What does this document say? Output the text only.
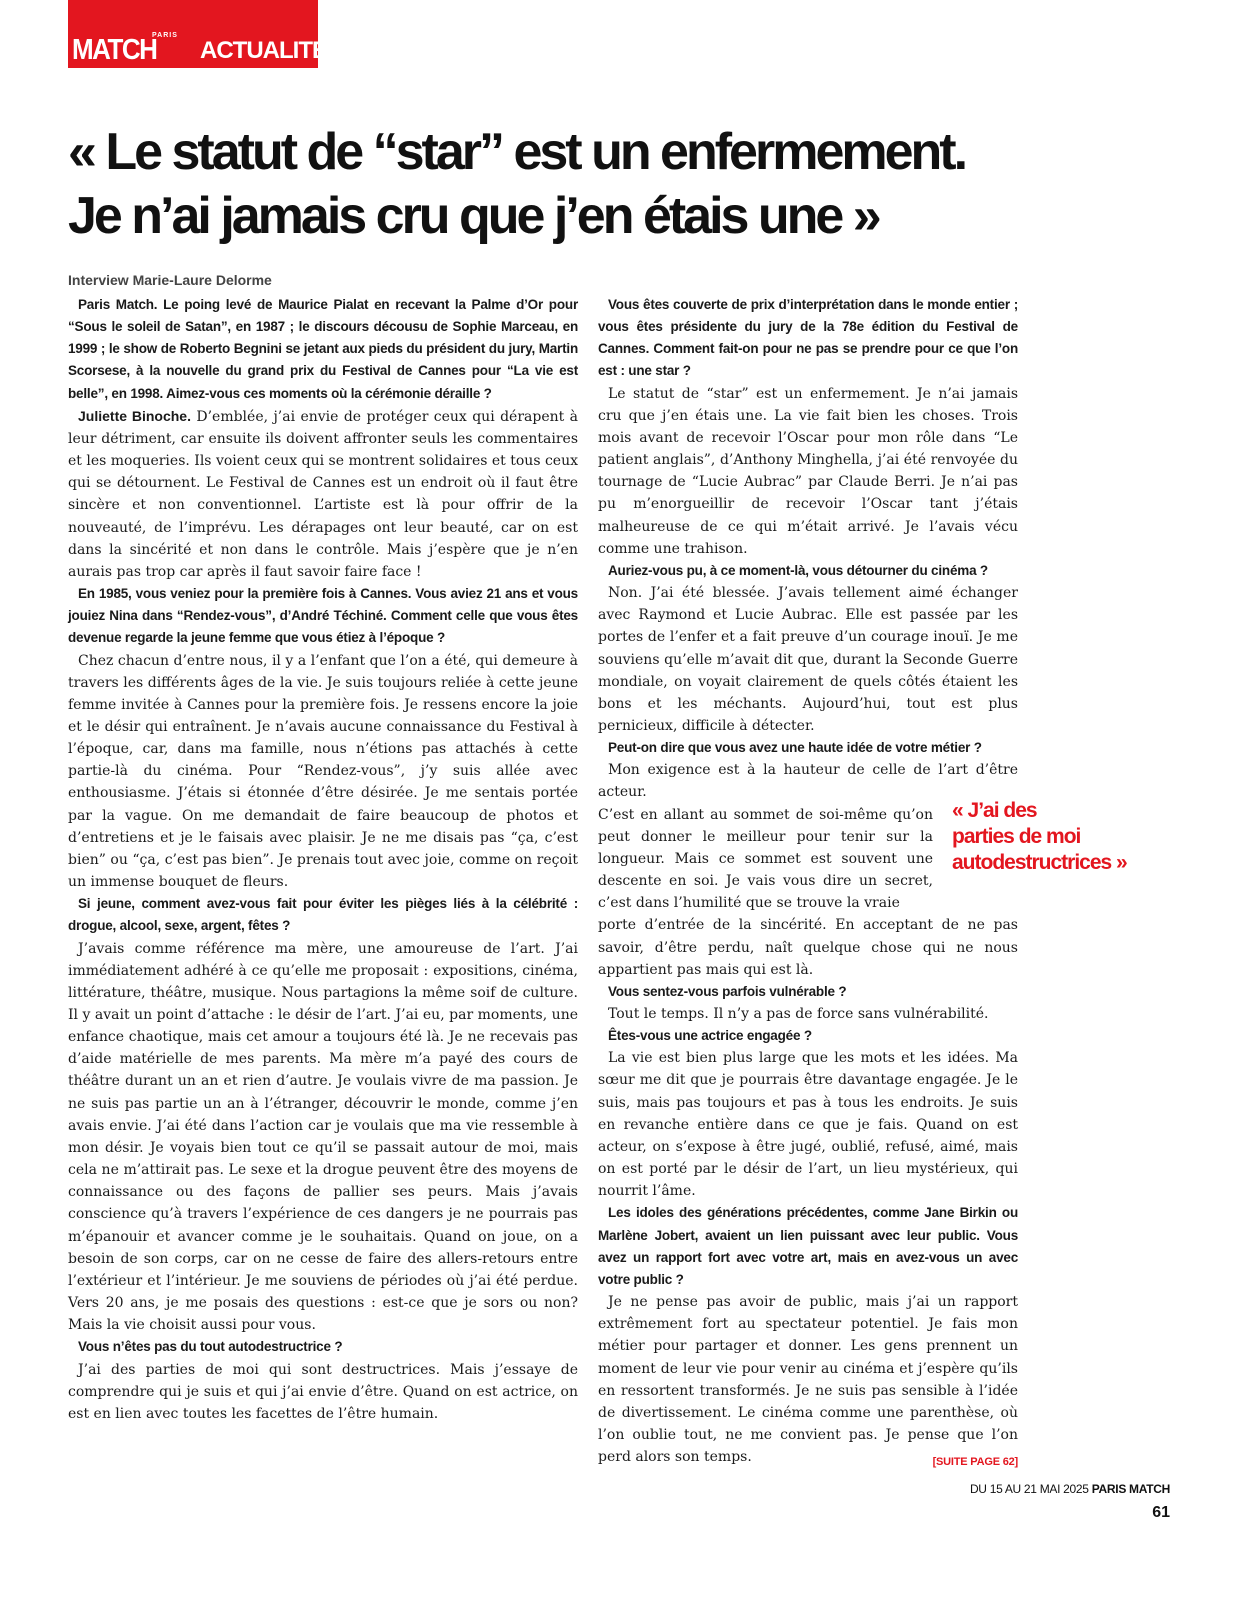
PARIS
MATCH ACTUALITÉ
« Le statut de “star” est un enfermement.
Je n’ai jamais cru que j’en étais une »
Interview Marie-Laure Delorme

Paris Match. Le poing levé de Maurice Pialat en recevant la Palme d’Or pour “Sous le soleil de Satan”, en 1987 ; le discours décousu de Sophie Marceau, en 1999 ; le show de Roberto Begnini se jetant aux pieds du président du jury, Martin Scorsese, à la nouvelle du grand prix du Festival de Cannes pour “La vie est belle”, en 1998. Aimez-vous ces moments où la cérémonie déraille ?

Juliette Binoche. D’emblée, j’ai envie de protéger ceux qui dérapent à leur détriment, car ensuite ils doivent affronter seuls les commentaires et les moqueries. Ils voient ceux qui se montrent solidaires et tous ceux qui se détournent. Le Festival de Cannes est un endroit où il faut être sincère et non conventionnel. L’artiste est là pour offrir de la nouveauté, de l’imprévu. Les dérapages ont leur beauté, car on est dans la sincérité et non dans le contrôle. Mais j’espère que je n’en aurais pas trop car après il faut savoir faire face !

En 1985, vous veniez pour la première fois à Cannes. Vous aviez 21 ans et vous jouiez Nina dans “Rendez-vous”, d’André Téchiné. Comment celle que vous êtes devenue regarde la jeune femme que vous étiez à l’époque ?

Chez chacun d’entre nous, il y a l’enfant que l’on a été, qui demeure à travers les différents âges de la vie. Je suis toujours reliée à cette jeune femme invitée à Cannes pour la première fois. Je ressens encore la joie et le désir qui entraînent. Je n’avais aucune connaissance du Festival à l’époque, car, dans ma famille, nous n’étions pas attachés à cette partie-là du cinéma. Pour “Rendez-vous”, j’y suis allée avec enthousiasme. J’étais si étonnée d’être désirée. Je me sentais portée par la vague. On me demandait de faire beaucoup de photos et d’entretiens et je le faisais avec plaisir. Je ne me disais pas “ça, c’est bien” ou “ça, c’est pas bien”. Je prenais tout avec joie, comme on reçoit un immense bouquet de fleurs.

Si jeune, comment avez-vous fait pour éviter les pièges liés à la célébrité : drogue, alcool, sexe, argent, fêtes ?

J’avais comme référence ma mère, une amoureuse de l’art. J’ai immédiatement adhéré à ce qu’elle me proposait : expositions, cinéma, littérature, théâtre, musique. Nous partagions la même soif de culture. Il y avait un point d’attache : le désir de l’art. J’ai eu, par moments, une enfance chaotique, mais cet amour a toujours été là. Je ne recevais pas d’aide matérielle de mes parents. Ma mère m’a payé des cours de théâtre durant un an et rien d’autre. Je voulais vivre de ma passion. Je ne suis pas partie un an à l’étranger, découvrir le monde, comme j’en avais envie. J’ai été dans l’action car je voulais que ma vie ressemble à mon désir. Je voyais bien tout ce qu’il se passait autour de moi, mais cela ne m’attirait pas. Le sexe et la drogue peuvent être des moyens de connaissance ou des façons de pallier ses peurs. Mais j’avais conscience qu’à travers l’expérience de ces dangers je ne pourrais pas m’épanouir et avancer comme je le souhaitais. Quand on joue, on a besoin de son corps, car on ne cesse de faire des allers-retours entre l’extérieur et l’intérieur. Je me souviens de périodes où j’ai été perdue. Vers 20 ans, je me posais des questions : est-ce que je sors ou non? Mais la vie choisit aussi pour vous.

Vous n’êtes pas du tout autodestructrice ?

J’ai des parties de moi qui sont destructrices. Mais j’essaye de comprendre qui je suis et qui j’ai envie d’être. Quand on est actrice, on est en lien avec toutes les facettes de l’être humain.

Vous êtes couverte de prix d’interprétation dans le monde entier ; vous êtes présidente du jury de la 78e édition du Festival de Cannes. Comment fait-on pour ne pas se prendre pour ce que l’on est : une star ?

Le statut de “star” est un enfermement. Je n’ai jamais cru que j’en étais une. La vie fait bien les choses. Trois mois avant de recevoir l’Oscar pour mon rôle dans “Le patient anglais”, d’Anthony Minghella, j’ai été renvoyée du tournage de “Lucie Aubrac” par Claude Berri. Je n’ai pas pu m’enorgueillir de recevoir l’Oscar tant j’étais malheureuse de ce qui m’était arrivé. Je l’avais vécu comme une trahison.

Auriez-vous pu, à ce moment-là, vous détourner du cinéma ?

Non. J’ai été blessée. J’avais tellement aimé échanger avec Raymond et Lucie Aubrac. Elle est passée par les portes de l’enfer et a fait preuve d’un courage inouï. Je me souviens qu’elle m’avait dit que, durant la Seconde Guerre mondiale, on voyait clairement de quels côtés étaient les bons et les méchants. Aujourd’hui, tout est plus pernicieux, difficile à détecter.

Peut-on dire que vous avez une haute idée de votre métier ?

Mon exigence est à la hauteur de celle de l’art d’être acteur.

C’est en allant au sommet de soi-même qu’on peut donner le meilleur pour tenir sur la longueur. Mais ce sommet est souvent une descente en soi. Je vais vous dire un secret, c’est dans l’humilité que se trouve la vraie

porte d’entrée de la sincérité. En acceptant de ne pas savoir, d’être perdu, naît quelque chose qui ne nous appartient pas mais qui est là.

Vous sentez-vous parfois vulnérable ?

Tout le temps. Il n’y a pas de force sans vulnérabilité.

Êtes-vous une actrice engagée ?

La vie est bien plus large que les mots et les idées. Ma sœur me dit que je pourrais être davantage engagée. Je le suis, mais pas toujours et pas à tous les endroits. Je suis en revanche entière dans ce que je fais. Quand on est acteur, on s’expose à être jugé, oublié, refusé, aimé, mais on est porté par le désir de l’art, un lieu mystérieux, qui nourrit l’âme.

Les idoles des générations précédentes, comme Jane Birkin ou Marlène Jobert, avaient un lien puissant avec leur public. Vous avez un rapport fort avec votre art, mais en avez-vous un avec votre public ?

Je ne pense pas avoir de public, mais j’ai un rapport extrêmement fort au spectateur potentiel. Je fais mon métier pour partager et donner. Les gens prennent un moment de leur vie pour venir au cinéma et j’espère qu’ils en ressortent transformés. Je ne suis pas sensible à l’idée de divertissement. Le cinéma comme une parenthèse, où l’on oublie tout, ne me convient pas. Je pense que l’on perd alors son temps.	[SUITE PAGE 62]

« J’ai des
parties de moi
autodestructrices »
DU 15 AU 21 MAI 2025 PARIS MATCH
61
